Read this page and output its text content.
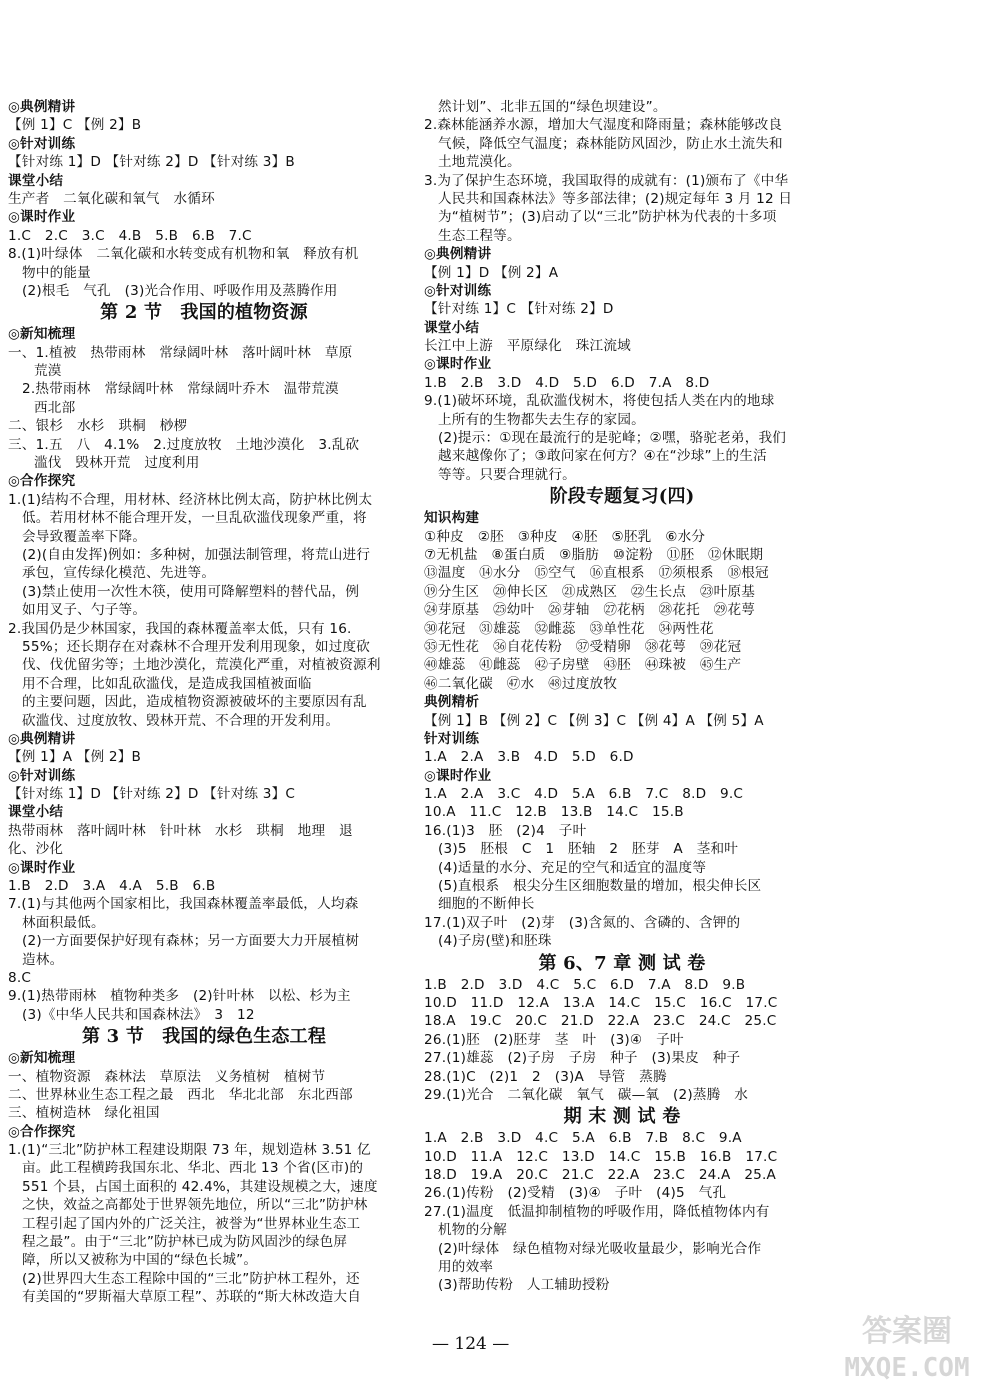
◎典例精讲
【例 1】C 【例 2】B
◎针对训练
【针对练 1】D 【针对练 2】D 【针对练 3】B
课堂小结
生产者　二氧化碳和氧气　水循环
◎课时作业
1.C　2.C　3.C　4.B　5.B　6.B　7.C
8.(1)叶绿体　二氧化碳和水转变成有机物和氧　释放有机
物中的能量
(2)根毛　气孔　(3)光合作用、呼吸作用及蒸腾作用
第 2 节　我国的植物资源
◎新知梳理
一、1.植被　热带雨林　常绿阔叶林　落叶阔叶林　草原
荒漠
2.热带雨林　常绿阔叶林　常绿阔叶乔木　温带荒漠
西北部
二、银杉　水杉　珙桐　桫椤
三、1.五　八　4.1%　2.过度放牧　土地沙漠化　3.乱砍
滥伐　毁林开荒　过度利用
◎合作探究
1.(1)结构不合理，用材林、经济林比例太高，防护林比例太
低。若用材林不能合理开发，一旦乱砍滥伐现象严重，将
会导致覆盖率下降。
(2)(自由发挥)例如：多种树，加强法制管理，将荒山进行
承包，宣传绿化模范、先进等。
(3)禁止使用一次性木筷，使用可降解塑料的替代品，例
如用叉子、勺子等。
2.我国仍是少林国家，我国的森林覆盖率太低，只有 16.
55%；还长期存在对森林不合理开发利用现象，如过度砍
伐、伐优留劣等；土地沙漠化，荒漠化严重，对植被资源利
用不合理，比如乱砍滥伐，是造成我国植被面临
的主要问题，因此，造成植物资源被破坏的主要原因有乱
砍滥伐、过度放牧、毁林开荒、不合理的开发利用。
◎典例精讲
【例 1】A 【例 2】B
◎针对训练
【针对练 1】D 【针对练 2】D 【针对练 3】C
课堂小结
热带雨林　落叶阔叶林　针叶林　水杉　珙桐　地理　退
化、沙化
◎课时作业
1.B　2.D　3.A　4.A　5.B　6.B
7.(1)与其他两个国家相比，我国森林覆盖率最低，人均森
林面积最低。
(2)一方面要保护好现有森林；另一方面要大力开展植树
造林。
8.C
9.(1)热带雨林　植物种类多　(2)针叶林　以松、杉为主
(3)《中华人民共和国森林法》　3　12
第 3 节　我国的绿色生态工程
◎新知梳理
一、植物资源　森林法　草原法　义务植树　植树节
二、世界林业生态工程之最　西北　华北北部　东北西部
三、植树造林　绿化祖国
◎合作探究
1.(1)“三北”防护林工程建设期限 73 年，规划造林 3.51 亿
亩。此工程横跨我国东北、华北、西北 13 个省(区市)的
551 个县，占国土面积的 42.4%，其建设规模之大，速度
之快，效益之高都处于世界领先地位，所以“三北”防护林
工程引起了国内外的广泛关注，被誉为“世界林业生态工
程之最”。由于“三北”防护林已成为防风固沙的绿色屏
障，所以又被称为中国的“绿色长城”。
(2)世界四大生态工程除中国的“三北”防护林工程外，还
有美国的“罗斯福大草原工程”、苏联的“斯大林改造大自
然计划”、北非五国的“绿色坝建设”。
2.森林能涵养水源，增加大气湿度和降雨量；森林能够改良
气候，降低空气温度；森林能防风固沙，防止水土流失和
土地荒漠化。
3.为了保护生态环境，我国取得的成就有：(1)颁布了《中华
人民共和国森林法》等多部法律；(2)规定每年 3 月 12 日
为“植树节”；(3)启动了以“三北”防护林为代表的十多项
生态工程等。
◎典例精讲
【例 1】D 【例 2】A
◎针对训练
【针对练 1】C 【针对练 2】D
课堂小结
长江中上游　平原绿化　珠江流域
◎课时作业
1.B　2.B　3.D　4.D　5.D　6.D　7.A　8.D
9.(1)破坏环境，乱砍滥伐树木，将使包括人类在内的地球
上所有的生物都失去生存的家园。
(2)提示：①现在最流行的是驼峰；②嘿，骆驼老弟，我们
越来越像你了；③敢问家在何方？④在“沙球”上的生活
等等。只要合理就行。
阶段专题复习(四)
知识构建
①种皮　②胚　③种皮　④胚　⑤胚乳　⑥水分
⑦无机盐　⑧蛋白质　⑨脂肪　⑩淀粉　⑪胚　⑫休眠期
⑬温度　⑭水分　⑮空气　⑯直根系　⑰须根系　⑱根冠
⑲分生区　⑳伸长区　㉑成熟区　㉒生长点　㉓叶原基
㉔芽原基　㉕幼叶　㉖芽轴　㉗花柄　㉘花托　㉙花萼
㉚花冠　㉛雄蕊　㉜雌蕊　㉝单性花　㉞两性花
㉟无性花　㊱自花传粉　㊲受精卵　㊳花萼　㊴花冠
㊵雄蕊　㊶雌蕊　㊷子房壁　㊸胚　㊹珠被　㊺生产
㊻二氧化碳　㊼水　㊽过度放牧
典例精析
【例 1】B 【例 2】C 【例 3】C 【例 4】A 【例 5】A
针对训练
1.A　2.A　3.B　4.D　5.D　6.D
◎课时作业
1.A　2.A　3.C　4.D　5.A　6.B　7.C　8.D　9.C
10.A　11.C　12.B　13.B　14.C　15.B
16.(1)3　胚　(2)4　子叶
(3)5　胚根　C　1　胚轴　2　胚芽　A　茎和叶
(4)适量的水分、充足的空气和适宜的温度等
(5)直根系　根尖分生区细胞数量的增加，根尖伸长区
细胞的不断伸长
17.(1)双子叶　(2)芽　(3)含氮的、含磷的、含钾的
(4)子房(壁)和胚珠
第 6、7 章 测 试 卷
1.B　2.D　3.D　4.C　5.C　6.D　7.A　8.D　9.B
10.D　11.D　12.A　13.A　14.C　15.C　16.C　17.C
18.A　19.C　20.C　21.D　22.A　23.C　24.C　25.C
26.(1)胚　(2)胚芽　茎　叶　(3)④　子叶
27.(1)雄蕊　(2)子房　子房　种子　(3)果皮　种子
28.(1)C　(2)1　2　(3)A　导管　蒸腾
29.(1)光合　二氧化碳　氧气　碳—氧　(2)蒸腾　水
期 末 测 试 卷
1.A　2.B　3.D　4.C　5.A　6.B　7.B　8.C　9.A
10.D　11.A　12.C　13.D　14.C　15.B　16.B　17.C
18.D　19.A　20.C　21.C　22.A　23.C　24.A　25.A
26.(1)传粉　(2)受精　(3)④　子叶　(4)5　气孔
27.(1)温度　低温抑制植物的呼吸作用，降低植物体内有
机物的分解
(2)叶绿体　绿色植物对绿光吸收量最少，影响光合作
用的效率
(3)帮助传粉　人工辅助授粉
— 124 —	答案圈
MXQE.COM
